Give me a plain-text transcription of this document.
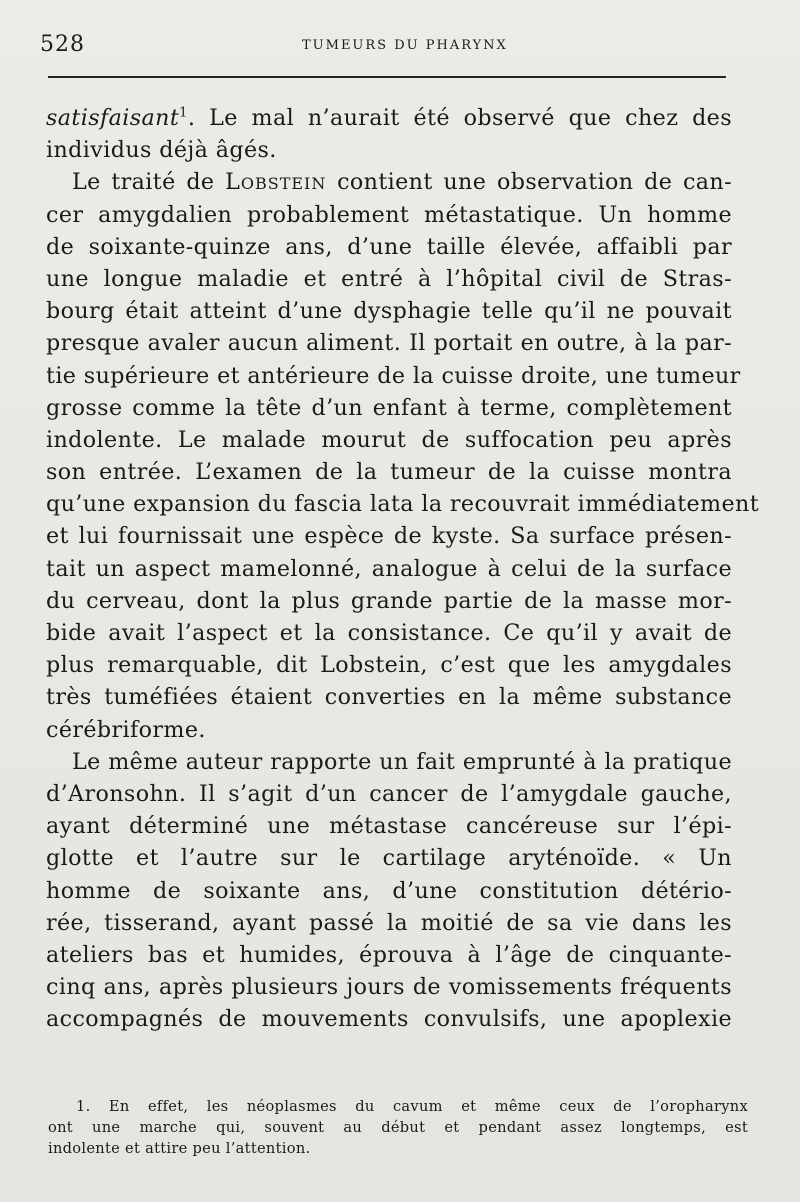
528	TUMEURS DU PHARYNX
satisfaisant$^1$. Le mal n’aurait été observé que chez des
individus déjà âgés.
Le traité de Lobstein contient une observation de can-
cer amygdalien probablement métastatique. Un homme
de soixante-quinze ans, d’une taille élevée, affaibli par
une longue maladie et entré à l’hôpital civil de Stras-
bourg était atteint d’une dysphagie telle qu’il ne pouvait
presque avaler aucun aliment. Il portait en outre, à la par-
tie supérieure et antérieure de la cuisse droite, une tumeur
grosse comme la tête d’un enfant à terme, complètement
indolente. Le malade mourut de suffocation peu après
son entrée. L’examen de la tumeur de la cuisse montra
qu’une expansion du fascia lata la recouvrait immédiatement
et lui fournissait une espèce de kyste. Sa surface présen-
tait un aspect mamelonné, analogue à celui de la surface
du cerveau, dont la plus grande partie de la masse mor-
bide avait l’aspect et la consistance. Ce qu’il y avait de
plus remarquable, dit Lobstein, c’est que les amygdales
très tuméfiées étaient converties en la même substance
cérébriforme.
Le même auteur rapporte un fait emprunté à la pratique
d’Aronsohn. Il s’agit d’un cancer de l’amygdale gauche,
ayant déterminé une métastase cancéreuse sur l’épi-
glotte et l’autre sur le cartilage aryténoïde. « Un
homme de soixante ans, d’une constitution détério-
rée, tisserand, ayant passé la moitié de sa vie dans les
ateliers bas et humides, éprouva à l’âge de cinquante-
cinq ans, après plusieurs jours de vomissements fréquents
accompagnés de mouvements convulsifs, une apoplexie
1. En effet, les néoplasmes du cavum et même ceux de l’oropharynx
ont une marche qui, souvent au début et pendant assez longtemps, est
indolente et attire peu l’attention.
